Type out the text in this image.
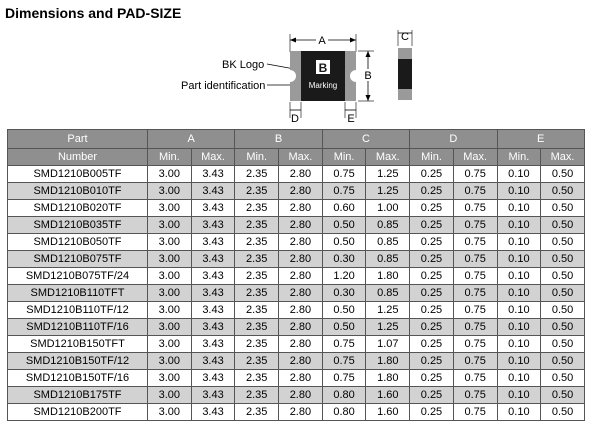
Dimensions and PAD-SIZE
BK Logo
Part identification
A
B
Marking
B
D	E
C
Part	A		B		C		D		E	
Number	Min.	Max.	Min.	Max.	Min.	Max.	Min.	Max.	Min.	Max.
SMD1210B005TF	3.00	3.43	2.35	2.80	0.75	1.25	0.25	0.75	0.10	0.50
SMD1210B010TF	3.00	3.43	2.35	2.80	0.75	1.25	0.25	0.75	0.10	0.50
SMD1210B020TF	3.00	3.43	2.35	2.80	0.60	1.00	0.25	0.75	0.10	0.50
SMD1210B035TF	3.00	3.43	2.35	2.80	0.50	0.85	0.25	0.75	0.10	0.50
SMD1210B050TF	3.00	3.43	2.35	2.80	0.50	0.85	0.25	0.75	0.10	0.50
SMD1210B075TF	3.00	3.43	2.35	2.80	0.30	0.85	0.25	0.75	0.10	0.50
SMD1210B075TF/24	3.00	3.43	2.35	2.80	1.20	1.80	0.25	0.75	0.10	0.50
SMD1210B110TFT	3.00	3.43	2.35	2.80	0.30	0.85	0.25	0.75	0.10	0.50
SMD1210B110TF/12	3.00	3.43	2.35	2.80	0.50	1.25	0.25	0.75	0.10	0.50
SMD1210B110TF/16	3.00	3.43	2.35	2.80	0.50	1.25	0.25	0.75	0.10	0.50
SMD1210B150TFT	3.00	3.43	2.35	2.80	0.75	1.07	0.25	0.75	0.10	0.50
SMD1210B150TF/12	3.00	3.43	2.35	2.80	0.75	1.80	0.25	0.75	0.10	0.50
SMD1210B150TF/16	3.00	3.43	2.35	2.80	0.75	1.80	0.25	0.75	0.10	0.50
SMD1210B175TF	3.00	3.43	2.35	2.80	0.80	1.60	0.25	0.75	0.10	0.50
SMD1210B200TF	3.00	3.43	2.35	2.80	0.80	1.60	0.25	0.75	0.10	0.50
